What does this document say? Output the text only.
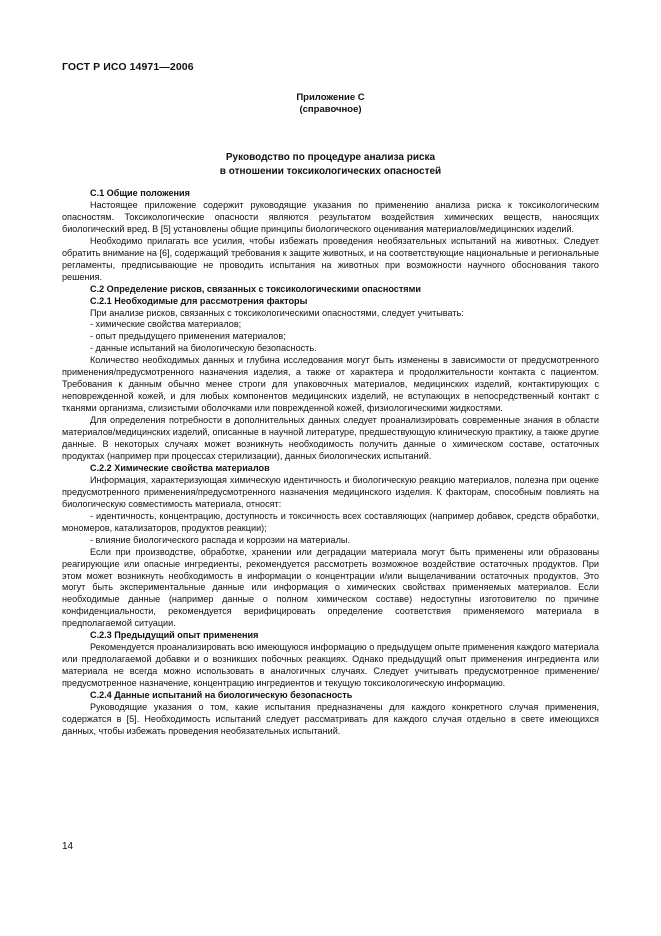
ГОСТ Р ИСО 14971—2006
Приложение С
(справочное)
Руководство по процедуре анализа риска
в отношении токсикологических опасностей

С.1 Общие положения

Настоящее приложение содержит руководящие указания по применению анализа риска к токсикологическим опасностям. Токсикологические опасности являются результатом воздействия химических веществ, наносящих биологический вред. В [5] установлены общие принципы биологического оценивания материалов/медицинских изделий.

Необходимо прилагать все усилия, чтобы избежать проведения необязательных испытаний на животных. Следует обратить внимание на [6], содержащий требования к защите животных, и на соответствующие национальные и региональные регламенты, предписывающие не проводить испытания на животных при возможности научного обоснования такого решения.

С.2 Определение рисков, связанных с токсикологическими опасностями

С.2.1 Необходимые для рассмотрения факторы

При анализе рисков, связанных с токсикологическими опасностями, следует учитывать:

- химические свойства материалов;

- опыт предыдущего применения материалов;

- данные испытаний на биологическую безопасность.

Количество необходимых данных и глубина исследования могут быть изменены в зависимости от предусмотренного применения/предусмотренного назначения изделия, а также от характера и продолжительности контакта с пациентом. Требования к данным обычно менее строги для упаковочных материалов, медицинских изделий, контактирующих с неповрежденной кожей, и для любых компонентов медицинских изделий, не вступающих в непосредственный контакт с тканями организма, слизистыми оболочками или поврежденной кожей, физиологическими жидкостями.

Для определения потребности в дополнительных данных следует проанализировать современные знания в области материалов/медицинских изделий, описанные в научной литературе, предшествующую клиническую практику, а также другие данные. В некоторых случаях может возникнуть необходимость получить данные о химическом составе, остаточных продуктах (например при процессах стерилизации), данных биологических испытаний.

С.2.2 Химические свойства материалов

Информация, характеризующая химическую идентичность и биологическую реакцию материалов, полезна при оценке предусмотренного применения/предусмотренного назначения медицинского изделия. К факторам, способным повлиять на биологическую совместимость материала, относят:

- идентичность, концентрацию, доступность и токсичность всех составляющих (например добавок, средств обработки, мономеров, катализаторов, продуктов реакции);

- влияние биологического распада и коррозии на материалы.

Если при производстве, обработке, хранении или деградации материала могут быть применены или образованы реагирующие или опасные ингредиенты, рекомендуется рассмотреть возможное воздействие остаточных продуктов. При этом может возникнуть необходимость в информации о концентрации и/или выщелачивании остаточных продуктов. Это могут быть экспериментальные данные или информация о химических свойствах применяемых материалов. Если необходимые данные (например данные о полном химическом составе) недоступны изготовителю по причине конфиденциальности, рекомендуется верифицировать определение соответствия применяемого материала в предполагаемой ситуации.

С.2.3 Предыдущий опыт применения

Рекомендуется проанализировать всю имеющуюся информацию о предыдущем опыте применения каждого материала или предполагаемой добавки и о возникших побочных реакциях. Однако предыдущий опыт применения ингредиента или материала не всегда можно использовать в аналогичных случаях. Следует учитывать предусмотренное применение/предусмотренное назначение, концентрацию ингредиентов и текущую токсикологическую информацию.

С.2.4 Данные испытаний на биологическую безопасность

Руководящие указания о том, какие испытания предназначены для каждого конкретного случая применения, содержатся в [5]. Необходимость испытаний следует рассматривать для каждого случая отдельно в свете имеющихся данных, чтобы избежать проведения необязательных испытаний.

14
